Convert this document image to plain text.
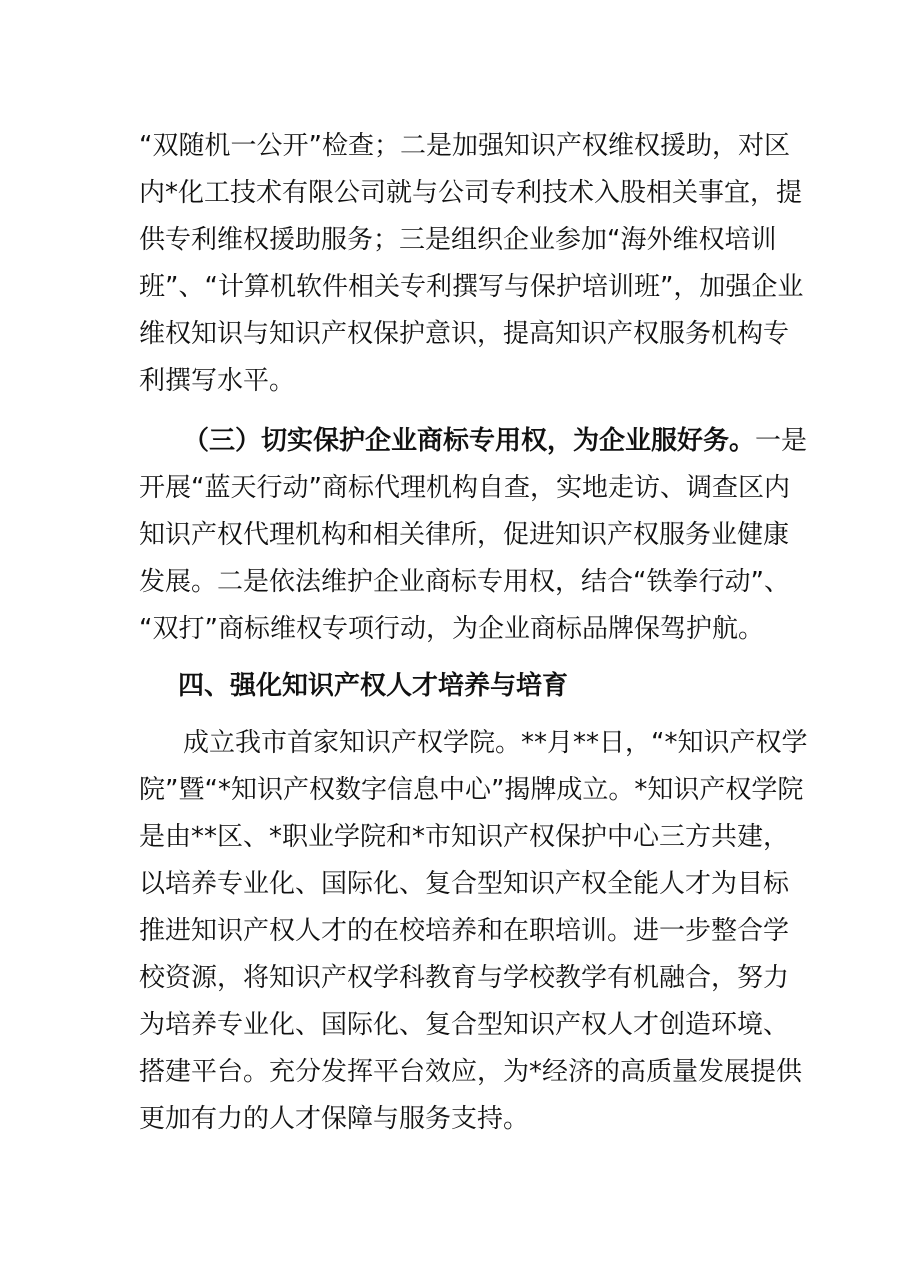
“双随机一公开”检查；二是加强知识产权维权援助，对区
内*化工技术有限公司就与公司专利技术入股相关事宜，提
供专利维权援助服务；三是组织企业参加“海外维权培训
班”、“计算机软件相关专利撰写与保护培训班”，加强企业
维权知识与知识产权保护意识，提高知识产权服务机构专
利撰写水平。
（三）切实保护企业商标专用权，为企业服好务。一是
开展“蓝天行动”商标代理机构自查，实地走访、调查区内
知识产权代理机构和相关律所，促进知识产权服务业健康
发展。二是依法维护企业商标专用权，结合“铁拳行动”、
“双打”商标维权专项行动，为企业商标品牌保驾护航。
四、强化知识产权人才培养与培育
成立我市首家知识产权学院。**月**日，“*知识产权学
院”暨“*知识产权数字信息中心”揭牌成立。*知识产权学院
是由**区、*职业学院和*市知识产权保护中心三方共建，
以培养专业化、国际化、复合型知识产权全能人才为目标
推进知识产权人才的在校培养和在职培训。进一步整合学
校资源，将知识产权学科教育与学校教学有机融合，努力
为培养专业化、国际化、复合型知识产权人才创造环境、
搭建平台。充分发挥平台效应，为*经济的高质量发展提供
更加有力的人才保障与服务支持。
